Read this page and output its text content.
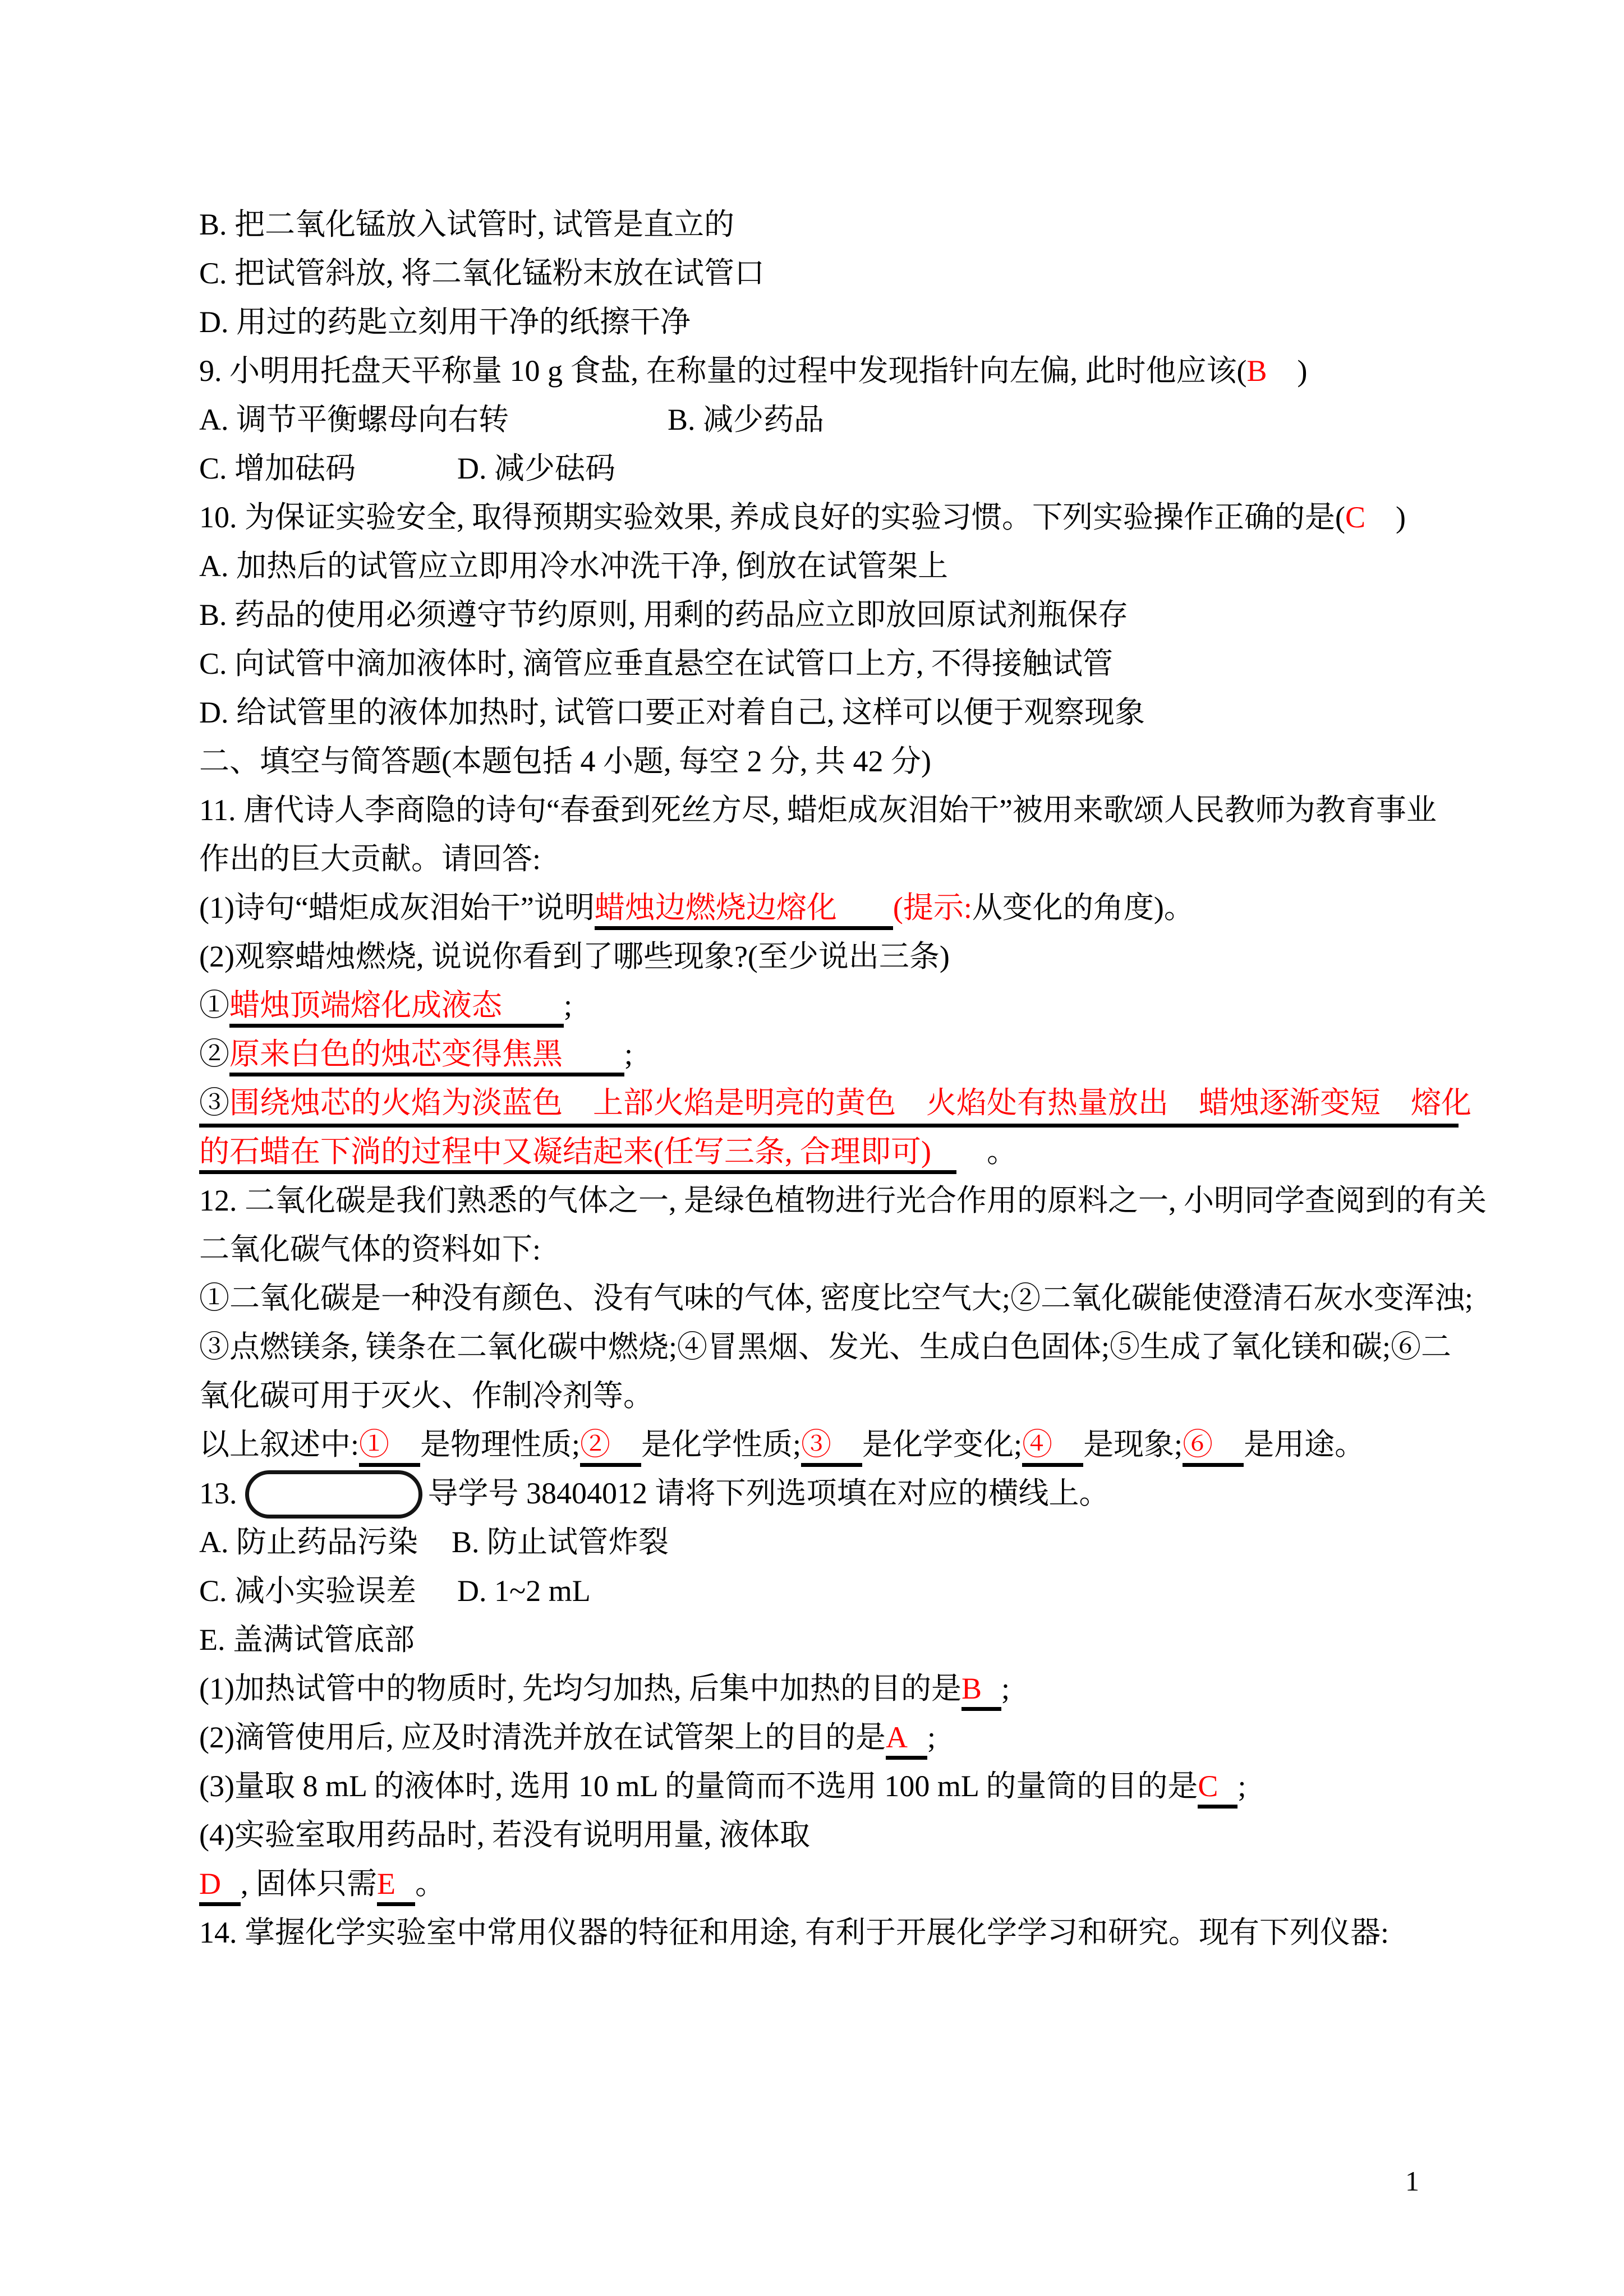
B. 把二氧化锰放入试管时, 试管是直立的
C. 把试管斜放, 将二氧化锰粉末放在试管口
D. 用过的药匙立刻用干净的纸擦干净
9. 小明用托盘天平称量 10 g 食盐, 在称量的过程中发现指针向左偏, 此时他应该(B　)
A. 调节平衡螺母向右转	B. 减少药品
C. 增加砝码	D. 减少砝码
10. 为保证实验安全, 取得预期实验效果, 养成良好的实验习惯。下列实验操作正确的是(C　)
A. 加热后的试管应立即用冷水冲洗干净, 倒放在试管架上
B. 药品的使用必须遵守节约原则, 用剩的药品应立即放回原试剂瓶保存
C. 向试管中滴加液体时, 滴管应垂直悬空在试管口上方, 不得接触试管
D. 给试管里的液体加热时, 试管口要正对着自己, 这样可以便于观察现象
二、填空与简答题(本题包括 4 小题, 每空 2 分, 共 42 分)
11. 唐代诗人李商隐的诗句“春蚕到死丝方尽, 蜡炬成灰泪始干”被用来歌颂人民教师为教育事业
作出的巨大贡献。请回答:
(1)诗句“蜡炬成灰泪始干”说明蜡烛边燃烧边熔化 (提示:从变化的角度)。
(2)观察蜡烛燃烧, 说说你看到了哪些现象?(至少说出三条)
①蜡烛顶端熔化成液态 ;
②原来白色的烛芯变得焦黑 ;
③围绕烛芯的火焰为淡蓝色　上部火焰是明亮的黄色　火焰处有热量放出　蜡烛逐渐变短　熔化
的石蜡在下淌的过程中又凝结起来(任写三条, 合理即可)　。
12. 二氧化碳是我们熟悉的气体之一, 是绿色植物进行光合作用的原料之一, 小明同学查阅到的有关
二氧化碳气体的资料如下:
①二氧化碳是一种没有颜色、没有气味的气体, 密度比空气大;②二氧化碳能使澄清石灰水变浑浊;
③点燃镁条, 镁条在二氧化碳中燃烧;④冒黑烟、发光、生成白色固体;⑤生成了氧化镁和碳;⑥二
氧化碳可用于灭火、作制冷剂等。
以上叙述中:① 是物理性质;② 是化学性质;③ 是化学变化;④ 是现象;⑥ 是用途。
13.	导学号 38404012 请将下列选项填在对应的横线上。
A. 防止药品污染 B. 防止试管炸裂
C. 减小实验误差 D. 1~2 mL
E. 盖满试管底部
(1)加热试管中的物质时, 先均匀加热, 后集中加热的目的是B ;
(2)滴管使用后, 应及时清洗并放在试管架上的目的是A ;
(3)量取 8 mL 的液体时, 选用 10 mL 的量筒而不选用 100 mL 的量筒的目的是C ;
(4)实验室取用药品时, 若没有说明用量, 液体取
D , 固体只需E 。
14. 掌握化学实验室中常用仪器的特征和用途, 有利于开展化学学习和研究。现有下列仪器:
1
